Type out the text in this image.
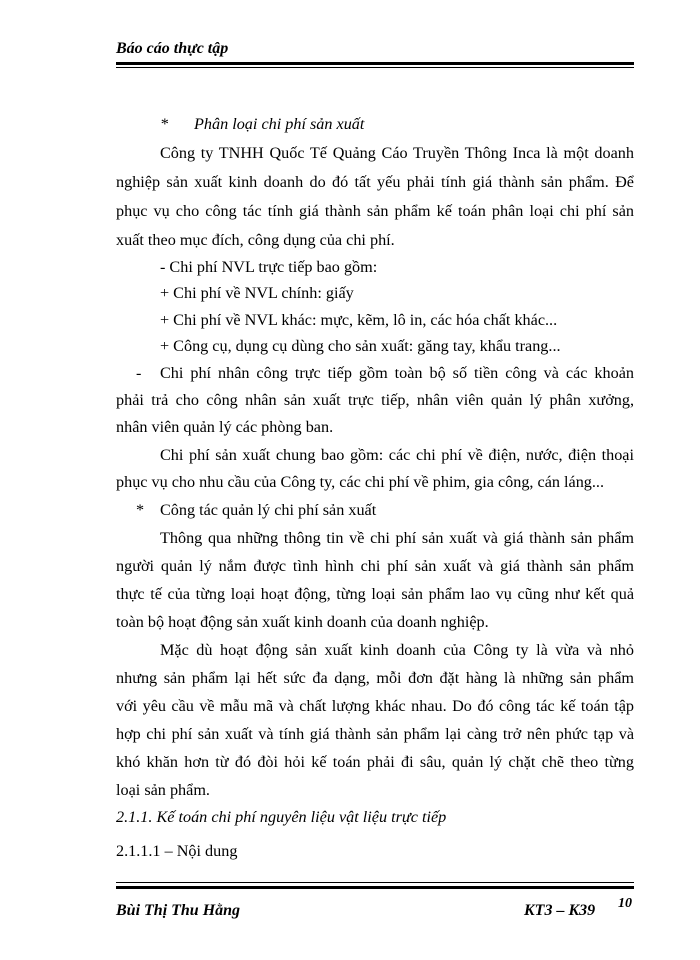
Báo cáo thực tập
* Phân loại chi phí sản xuất
Công ty TNHH Quốc Tế Quảng Cáo Truyền Thông Inca là một doanh
nghiệp sản xuất kinh doanh do đó tất yếu phải tính giá thành sản phẩm. Để
phục vụ cho công tác tính giá thành sản phẩm kế toán phân loại chi phí sản
xuất theo mục đích, công dụng của chi phí.
- Chi phí NVL trực tiếp bao gồm:
+ Chi phí về NVL chính: giấy
+ Chi phí về NVL khác: mực, kẽm, lô in, các hóa chất khác...
+ Công cụ, dụng cụ dùng cho sản xuất: găng tay, khẩu trang...
- Chi phí nhân công trực tiếp gồm toàn bộ số tiền công và các khoản
phải trả cho công nhân sản xuất trực tiếp, nhân viên quản lý phân xưởng,
nhân viên quản lý các phòng ban.
Chi phí sản xuất chung bao gồm: các chi phí về điện, nước, điện thoại
phục vụ cho nhu cầu của Công ty, các chi phí về phim, gia công, cán láng...
* Công tác quản lý chi phí sản xuất
Thông qua những thông tin về chi phí sản xuất và giá thành sản phẩm
người quản lý nắm được tình hình chi phí sản xuất và giá thành sản phẩm
thực tế của từng loại hoạt động, từng loại sản phẩm lao vụ cũng như kết quả
toàn bộ hoạt động sản xuất kinh doanh của doanh nghiệp.
Mặc dù hoạt động sản xuất kinh doanh của Công ty là vừa và nhỏ
nhưng sản phẩm lại hết sức đa dạng, mỗi đơn đặt hàng là những sản phẩm
với yêu cầu về mẫu mã và chất lượng khác nhau. Do đó công tác kế toán tập
hợp chi phí sản xuất và tính giá thành sản phẩm lại càng trở nên phức tạp và
khó khăn hơn từ đó đòi hỏi kế toán phải đi sâu, quản lý chặt chẽ theo từng
loại sản phẩm.
2.1.1. Kế toán chi phí nguyên liệu vật liệu trực tiếp
2.1.1.1 – Nội dung
Bùi Thị Thu Hằng	KT3 – K39 10
